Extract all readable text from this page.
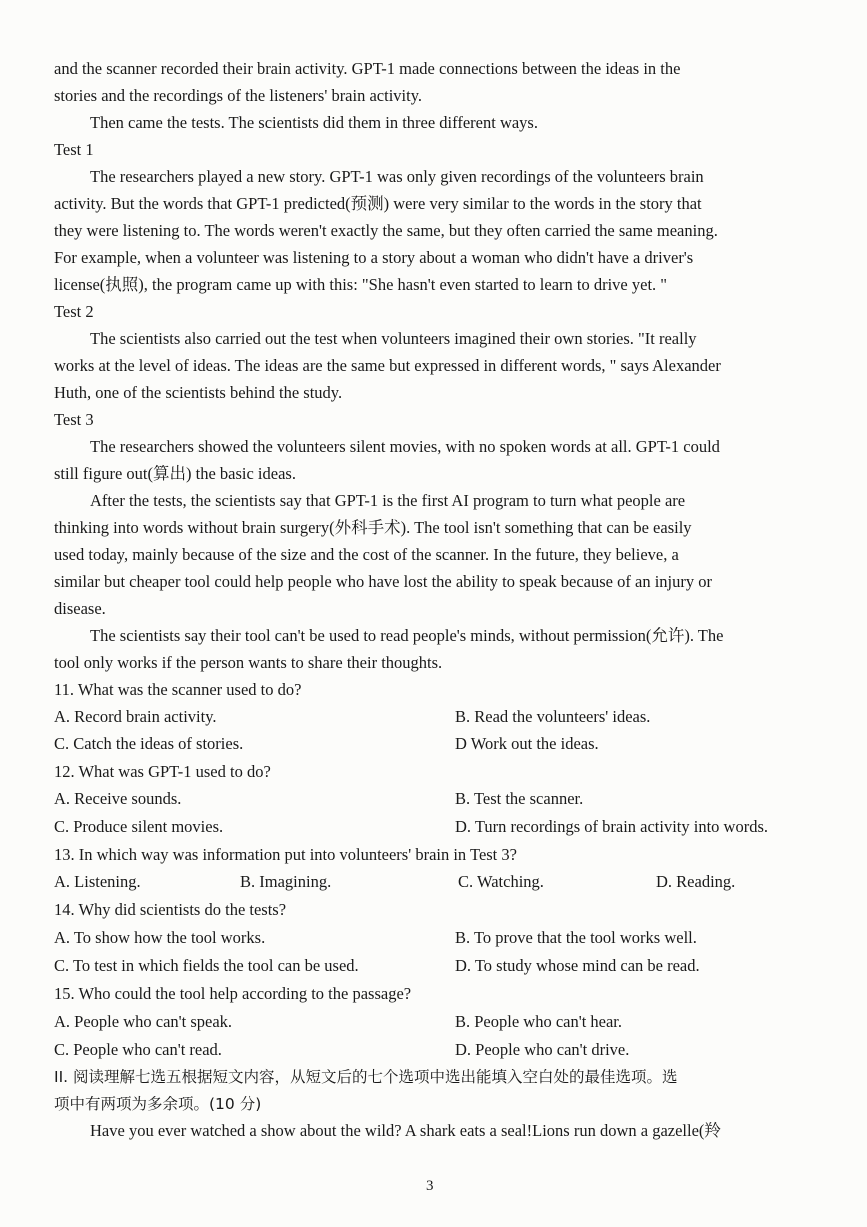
and the scanner recorded their brain activity. GPT-1 made connections between the ideas in the
stories and the recordings of the listeners' brain activity.
Then came the tests. The scientists did them in three different ways.
Test 1
The researchers played a new story. GPT-1 was only given recordings of the volunteers brain
activity. But the words that GPT-1 predicted(预测) were very similar to the words in the story that
they were listening to. The words weren't exactly the same, but they often carried the same meaning.
For example, when a volunteer was listening to a story about a woman who didn't have a driver's
license(执照), the program came up with this: "She hasn't even started to learn to drive yet. "
Test 2
The scientists also carried out the test when volunteers imagined their own stories. "It really
works at the level of ideas. The ideas are the same but expressed in different words, " says Alexander
Huth, one of the scientists behind the study.
Test 3
The researchers showed the volunteers silent movies, with no spoken words at all. GPT-1 could
still figure out(算出) the basic ideas.
After the tests, the scientists say that GPT-1 is the first AI program to turn what people are
thinking into words without brain surgery(外科手术). The tool isn't something that can be easily
used today, mainly because of the size and the cost of the scanner. In the future, they believe, a
similar but cheaper tool could help people who have lost the ability to speak because of an injury or
disease.
The scientists say their tool can't be used to read people's minds, without permission(允许). The
tool only works if the person wants to share their thoughts.
11. What was the scanner used to do?
A. Record brain activity.	B. Read the volunteers' ideas.
C. Catch the ideas of stories.	D Work out the ideas.
12. What was GPT-1 used to do?
A. Receive sounds.	B. Test the scanner.
C. Produce silent movies.	D. Turn recordings of brain activity into words.
13. In which way was information put into volunteers' brain in Test 3?
A. Listening.	B. Imagining.	C. Watching.	D. Reading.
14. Why did scientists do the tests?
A. To show how the tool works.	B. To prove that the tool works well.
C. To test in which fields the tool can be used.	D. To study whose mind can be read.
15. Who could the tool help according to the passage?
A. People who can't speak.	B. People who can't hear.
C. People who can't read.	D. People who can't drive.
II. 阅读理解七选五根据短文内容，从短文后的七个选项中选出能填入空白处的最佳选项。选
项中有两项为多余项。(10 分)
Have you ever watched a show about the wild? A shark eats a seal!Lions run down a gazelle(羚
3
